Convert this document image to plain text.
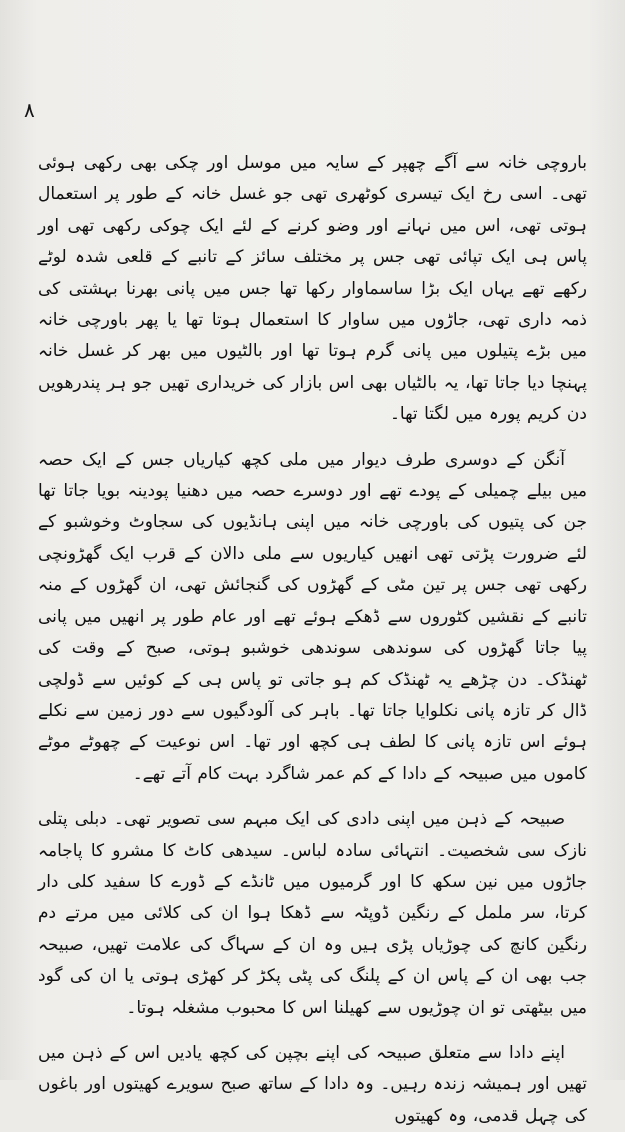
۸

باروچی خانہ سے آگے چھپر کے سایہ میں موسل اور چکی بھی رکھی ہوئی تھی۔ اسی رخ ایک تیسری کوٹھری تھی جو غسل خانہ کے طور پر استعمال ہوتی تھی، اس میں نہانے اور وضو کرنے کے لئے ایک چوکی رکھی تھی اور پاس ہی ایک تپائی تھی جس پر مختلف سائز کے تانبے کے قلعی شدہ لوٹے رکھے تھے یہاں ایک بڑا ساسماوار رکھا تھا جس میں پانی بھرنا بہشتی کی ذمہ داری تھی، جاڑوں میں ساوار کا استعمال ہوتا تھا یا پھر باورچی خانہ میں بڑے پتیلوں میں پانی گرم ہوتا تھا اور بالٹیوں میں بھر کر غسل خانہ پہنچا دیا جاتا تھا، یہ بالٹیاں بھی اس بازار کی خریداری تھیں جو ہر پندرھویں دن کریم پورہ میں لگتا تھا۔

آنگن کے دوسری طرف دیوار میں ملی کچھ کیاریاں جس کے ایک حصہ میں بیلے چمیلی کے پودے تھے اور دوسرے حصہ میں دھنیا پودینہ بویا جاتا تھا جن کی پتیوں کی باورچی خانہ میں اپنی ہانڈیوں کی سجاوٹ وخوشبو کے لئے ضرورت پڑتی تھی انھیں کیاریوں سے ملی دالان کے قرب ایک گھڑونچی رکھی تھی جس پر تین مٹی کے گھڑوں کی گنجائش تھی، ان گھڑوں کے منہ تانبے کے نقشیں کٹوروں سے ڈھکے ہوئے تھے اور عام طور پر انھیں میں پانی پیا جاتا گھڑوں کی سوندھی سوندھی خوشبو ہوتی، صبح کے وقت کی ٹھنڈک۔ دن چڑھے یہ ٹھنڈک کم ہو جاتی تو پاس ہی کے کوئیں سے ڈولچی ڈال کر تازہ پانی نکلوایا جاتا تھا۔ باہر کی آلودگیوں سے دور زمین سے نکلے ہوئے اس تازہ پانی کا لطف ہی کچھ اور تھا۔ اس نوعیت کے چھوٹے موٹے کاموں میں صبیحہ کے دادا کے کم عمر شاگرد بہت کام آتے تھے۔

صبیحہ کے ذہن میں اپنی دادی کی ایک مبہم سی تصویر تھی۔ دبلی پتلی نازک سی شخصیت۔ انتہائی سادہ لباس۔ سیدھی کاٹ کا مشرو کا پاجامہ جاڑوں میں نین سکھ کا اور گرمیوں میں ٹانڈے کے ڈورے کا سفید کلی دار کرتا، سر ململ کے رنگین ڈوپٹہ سے ڈھکا ہوا ان کی کلائی میں مرتے دم رنگین کانچ کی چوڑیاں پڑی ہیں وہ ان کے سہاگ کی علامت تھیں، صبیحہ جب بھی ان کے پاس ان کے پلنگ کی پٹی پکڑ کر کھڑی ہوتی یا ان کی گود میں بیٹھتی تو ان چوڑیوں سے کھیلنا اس کا محبوب مشغلہ ہوتا۔

اپنے دادا سے متعلق صبیحہ کی اپنے بچپن کی کچھ یادیں اس کے ذہن میں تھیں اور ہمیشہ زندہ رہیں۔ وہ دادا کے ساتھ صبح سویرے کھیتوں اور باغوں کی چہل قدمی، وہ کھیتوں
